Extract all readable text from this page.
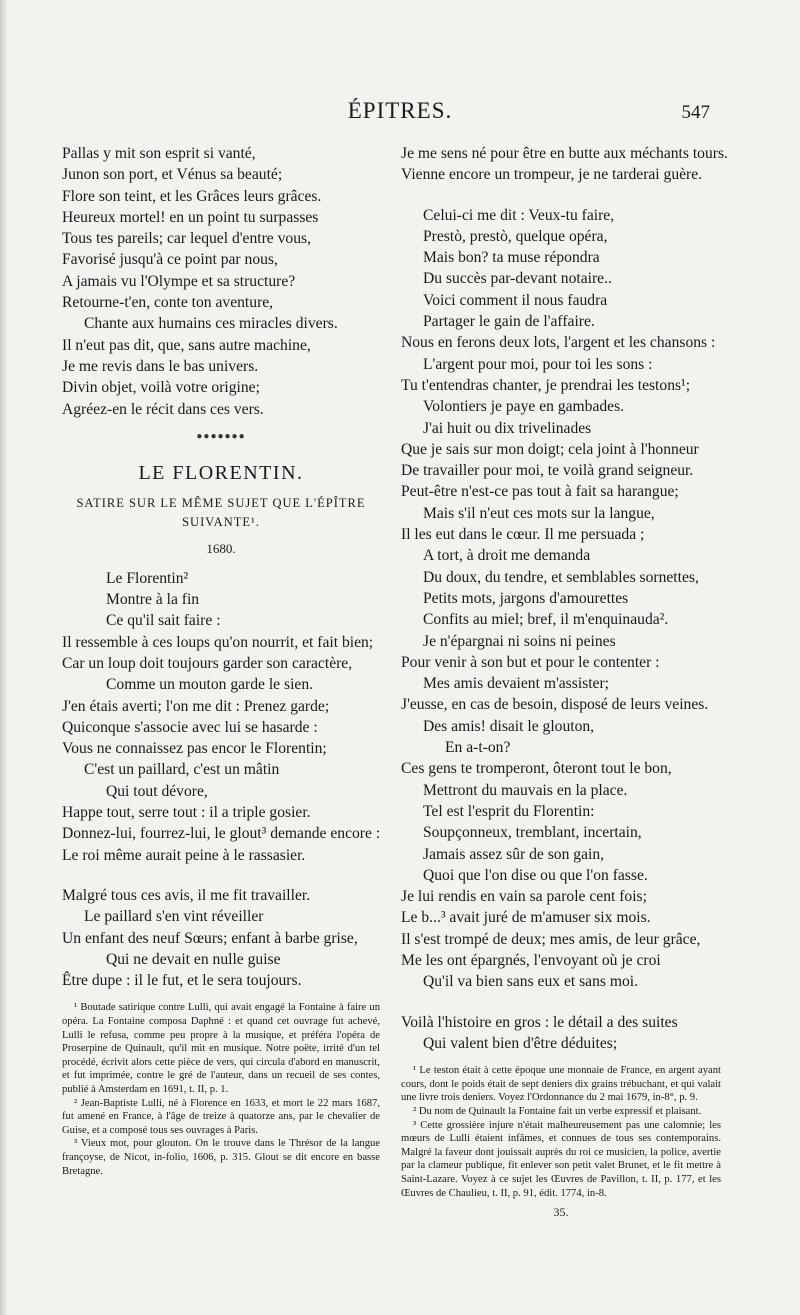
ÉPITRES.	547
Pallas y mit son esprit si vanté,
Junon son port, et Vénus sa beauté;
Flore son teint, et les Grâces leurs grâces.
Heureux mortel! en un point tu surpasses
Tous tes pareils; car lequel d'entre vous,
Favorisé jusqu'à ce point par nous,
A jamais vu l'Olympe et sa structure?
Retourne-t'en, conte ton aventure,
Chante aux humains ces miracles divers.
Il n'eut pas dit, que, sans autre machine,
Je me revis dans le bas univers.
Divin objet, voilà votre origine;
Agréez-en le récit dans ces vers.
●●●●●●●
LE FLORENTIN.
SATIRE SUR LE MÊME SUJET QUE L'ÉPÎTRE
SUIVANTE¹.
1680.
Le Florentin²
Montre à la fin
Ce qu'il sait faire :
Il ressemble à ces loups qu'on nourrit, et fait bien;
Car un loup doit toujours garder son caractère,
Comme un mouton garde le sien.
J'en étais averti; l'on me dit : Prenez garde;
Quiconque s'associe avec lui se hasarde :
Vous ne connaissez pas encor le Florentin;
C'est un paillard, c'est un mâtin
Qui tout dévore,
Happe tout, serre tout : il a triple gosier.
Donnez-lui, fourrez-lui, le glout³ demande encore :
Le roi même aurait peine à le rassasier.
Malgré tous ces avis, il me fit travailler.
Le paillard s'en vint réveiller
Un enfant des neuf Sœurs; enfant à barbe grise,
Qui ne devait en nulle guise
Être dupe : il le fut, et le sera toujours.
¹ Boutade satirique contre Lulli, qui avait engagé la Fontaine à faire un opéra. La Fontaine composa Daphné : et quand cet ouvrage fut achevé, Lulli le refusa, comme peu propre à la musique, et préféra l'opéra de Proserpine de Quinault, qu'il mit en musique. Notre poëte, irrité d'un tel procédé, écrivit alors cette pièce de vers, qui circula d'abord en manuscrit, et fut imprimée, contre le gré de l'auteur, dans un recueil de ses contes, publié à Amsterdam en 1691, t. II, p. 1.
² Jean-Baptiste Lulli, né à Florence en 1633, et mort le 22 mars 1687, fut amené en France, à l'âge de treize à quatorze ans, par le chevalier de Guise, et a composé tous ses ouvrages à Paris.
³ Vieux mot, pour glouton. On le trouve dans le Thrésor de la langue françoyse, de Nicot, in-folio, 1606, p. 315. Glout se dit encore en basse Bretagne.
Je me sens né pour être en butte aux méchants tours.
Vienne encore un trompeur, je ne tarderai guère.
Celui-ci me dit : Veux-tu faire,
Prestò, prestò, quelque opéra,
Mais bon? ta muse répondra
Du succès par-devant notaire..
Voici comment il nous faudra
Partager le gain de l'affaire.
Nous en ferons deux lots, l'argent et les chansons :
L'argent pour moi, pour toi les sons :
Tu t'entendras chanter, je prendrai les testons¹;
Volontiers je paye en gambades.
J'ai huit ou dix trivelinades
Que je sais sur mon doigt; cela joint à l'honneur
De travailler pour moi, te voilà grand seigneur.
Peut-être n'est-ce pas tout à fait sa harangue;
Mais s'il n'eut ces mots sur la langue,
Il les eut dans le cœur. Il me persuada ;
A tort, à droit me demanda
Du doux, du tendre, et semblables sornettes,
Petits mots, jargons d'amourettes
Confits au miel; bref, il m'enquinauda².
Je n'épargnai ni soins ni peines
Pour venir à son but et pour le contenter :
Mes amis devaient m'assister;
J'eusse, en cas de besoin, disposé de leurs veines.
Des amis! disait le glouton,
En a-t-on?
Ces gens te tromperont, ôteront tout le bon,
Mettront du mauvais en la place.
Tel est l'esprit du Florentin:
Soupçonneux, tremblant, incertain,
Jamais assez sûr de son gain,
Quoi que l'on dise ou que l'on fasse.
Je lui rendis en vain sa parole cent fois;
Le b...³ avait juré de m'amuser six mois.
Il s'est trompé de deux; mes amis, de leur grâce,
Me les ont épargnés, l'envoyant où je croi
Qu'il va bien sans eux et sans moi.
Voilà l'histoire en gros : le détail a des suites
Qui valent bien d'être déduites;
¹ Le teston était à cette époque une monnaie de France, en argent ayant cours, dont le poids était de sept deniers dix grains trébuchant, et qui valait une livre trois deniers. Voyez l'Ordonnance du 2 mai 1679, in-8°, p. 9.
² Du nom de Quinault la Fontaine fait un verbe expressif et plaisant.
³ Cette grossière injure n'était malheureusement pas une calomnie; les mœurs de Lulli étaient infâmes, et connues de tous ses contemporains. Malgré la faveur dont jouissait auprès du roi ce musicien, la police, avertie par la clameur publique, fit enlever son petit valet Brunet, et le fit mettre à Saint-Lazare. Voyez à ce sujet les Œuvres de Pavillon, t. II, p. 177, et les Œuvres de Chaulieu, t. II, p. 91, édit. 1774, in-8.
35.
